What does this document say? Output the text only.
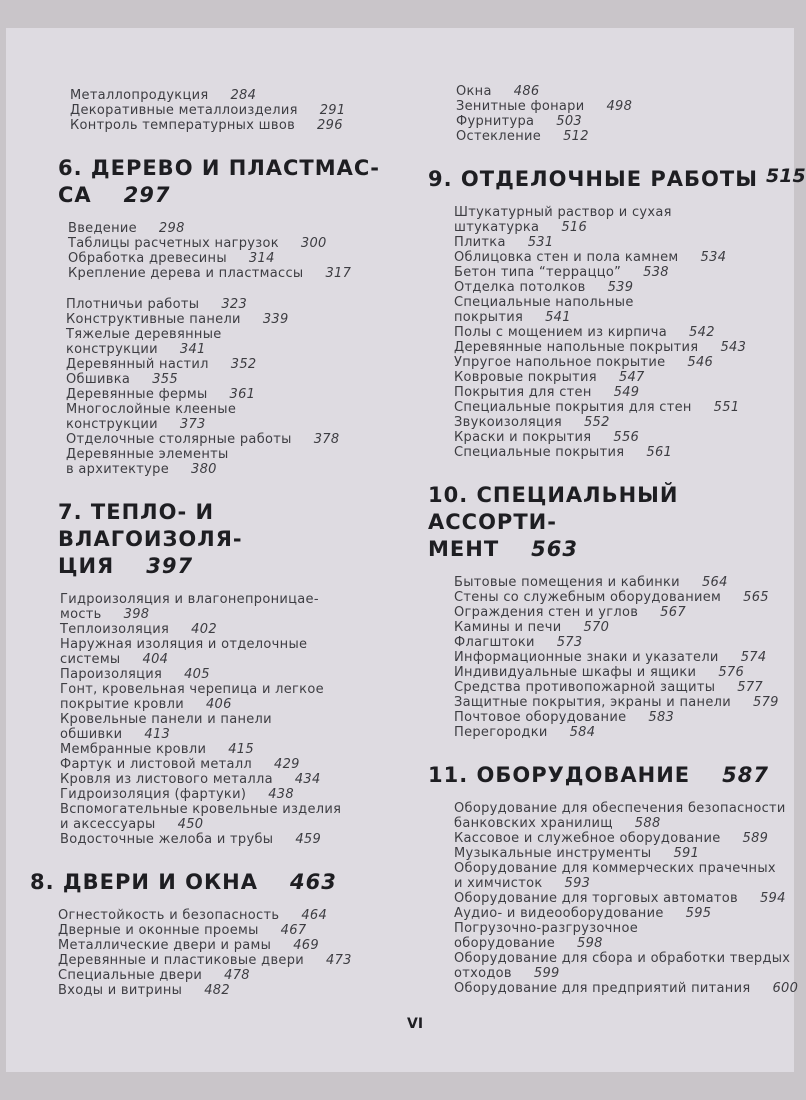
Металлопродукция 284
Декоративные металлоизделия 291
Контроль температурных швов 296
6. ДЕРЕВО И ПЛАСТМАС-
СА 297
Введение 298
Таблицы расчетных нагрузок 300
Обработка древесины 314
Крепление дерева и пластмассы 317
Плотничьи работы 323
Конструктивные панели 339
Тяжелые деревянные
конструкции 341
Деревянный настил 352
Обшивка 355
Деревянные фермы 361
Многослойные клееные
конструкции 373
Отделочные столярные работы 378
Деревянные элементы
в архитектуре 380
7. ТЕПЛО- И ВЛАГОИЗОЛЯ-
ЦИЯ 397
Гидроизоляция и влагонепроницае-
мость 398
Теплоизоляция 402
Наружная изоляция и отделочные
системы 404
Пароизоляция 405
Гонт, кровельная черепица и легкое
покрытие кровли 406
Кровельные панели и панели
обшивки 413
Мембранные кровли 415
Фартук и листовой металл 429
Кровля из листового металла 434
Гидроизоляция (фартуки) 438
Вспомогательные кровельные изделия
и аксессуары 450
Водосточные желоба и трубы 459
8. ДВЕРИ И ОКНА 463
Огнестойкость и безопасность 464
Дверные и оконные проемы 467
Металлические двери и рамы 469
Деревянные и пластиковые двери 473
Специальные двери 478
Входы и витрины 482
Окна 486
Зенитные фонари 498
Фурнитура 503
Остекление 512
9. ОТДЕЛОЧНЫЕ РАБОТЫ
Штукатурный раствор и сухая
штукатурка 516
Плитка 531
Облицовка стен и пола камнем 534
Бетон типа “терраццо” 538
Отделка потолков 539
Специальные напольные
покрытия 541
Полы с мощением из кирпича 542
Деревянные напольные покрытия 543
Упругое напольное покрытие 546
Ковровые покрытия 547
Покрытия для стен 549
Специальные покрытия для стен 551
Звукоизоляция 552
Краски и покрытия 556
Специальные покрытия 561
10. СПЕЦИАЛЬНЫЙ АССОРТИ-
МЕНТ 563
Бытовые помещения и кабинки 564
Стены со служебным оборудованием 565
Ограждения стен и углов 567
Камины и печи 570
Флагштоки 573
Информационные знаки и указатели 574
Индивидуальные шкафы и ящики 576
Средства противопожарной защиты 577
Защитные покрытия, экраны и панели 579
Почтовое оборудование 583
Перегородки 584
11. ОБОРУДОВАНИЕ 587
Оборудование для обеспечения безопасности
банковских хранилищ 588
Кассовое и служебное оборудование 589
Музыкальные инструменты 591
Оборудование для коммерческих прачечных
и химчисток 593
Оборудование для торговых автоматов 594
Аудио- и видеооборудование 595
Погрузочно-разгрузочное
оборудование 598
Оборудование для сбора и обработки твердых
отходов 599
Оборудование для предприятий питания 600
515
VI
